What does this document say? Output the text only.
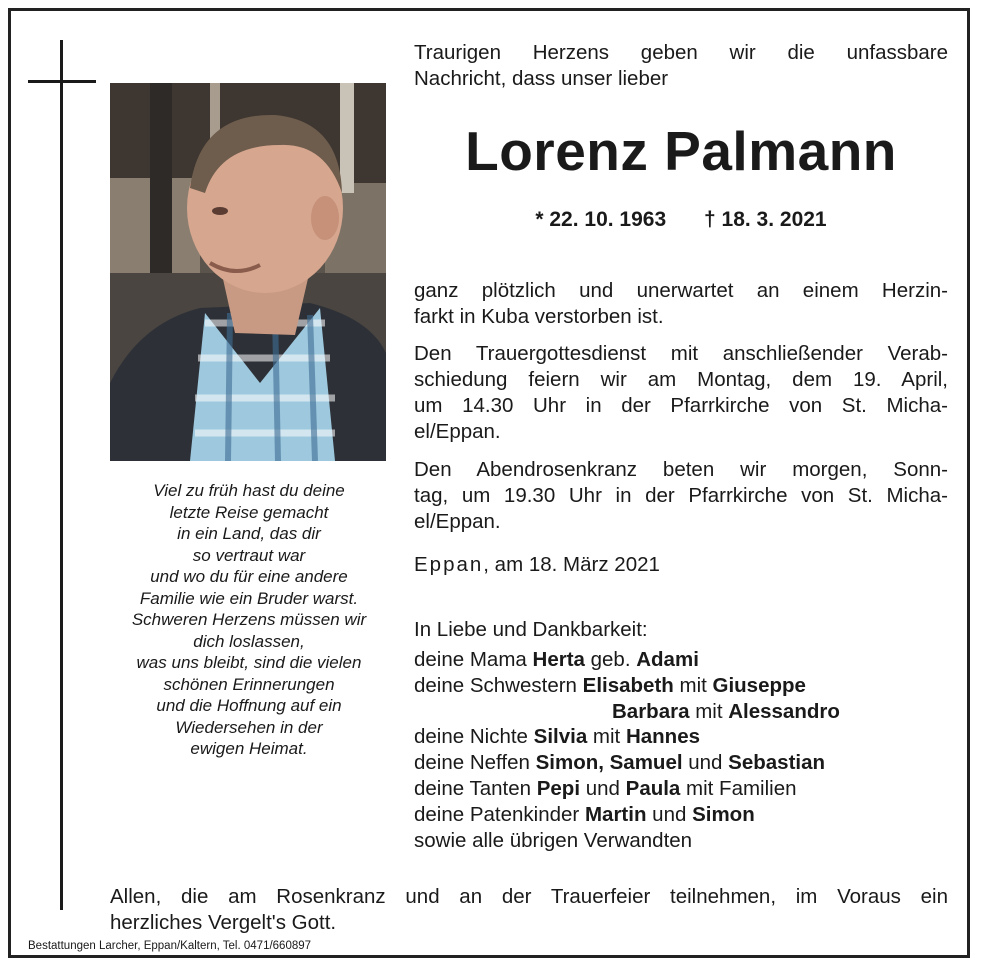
Viel zu früh hast du deine
letzte Reise gemacht
in ein Land, das dir
so vertraut war
und wo du für eine andere
Familie wie ein Bruder warst.
Schweren Herzens müssen wir
dich loslassen,
was uns bleibt, sind die vielen
schönen Erinnerungen
und die Hoffnung auf ein
Wiedersehen in der
ewigen Heimat.
Traurigen Herzens geben wir die unfassbare
Nachricht, dass unser lieber
Lorenz Palmann
* 22. 10. 1963 † 18. 3. 2021
ganz plötzlich und unerwartet an einem Herzin-
farkt in Kuba verstorben ist.
Den Trauergottesdienst mit anschließender Verab-
schiedung feiern wir am Montag, dem 19. April,
um 14.30 Uhr in der Pfarrkirche von St. Micha-
el/Eppan.
Den Abendrosenkranz beten wir morgen, Sonn-
tag, um 19.30 Uhr in der Pfarrkirche von St. Micha-
el/Eppan.
Eppan, am 18. März 2021
In Liebe und Dankbarkeit:
deine Mama Herta geb. Adami
deine Schwestern Elisabeth mit Giuseppe
Barbara mit Alessandro
deine Nichte Silvia mit Hannes
deine Neffen Simon, Samuel und Sebastian
deine Tanten Pepi und Paula mit Familien
deine Patenkinder Martin und Simon
sowie alle übrigen Verwandten
Allen, die am Rosenkranz und an der Trauerfeier teilnehmen, im Voraus ein
herzliches Vergelt's Gott.
Bestattungen Larcher, Eppan/Kaltern, Tel. 0471/660897
